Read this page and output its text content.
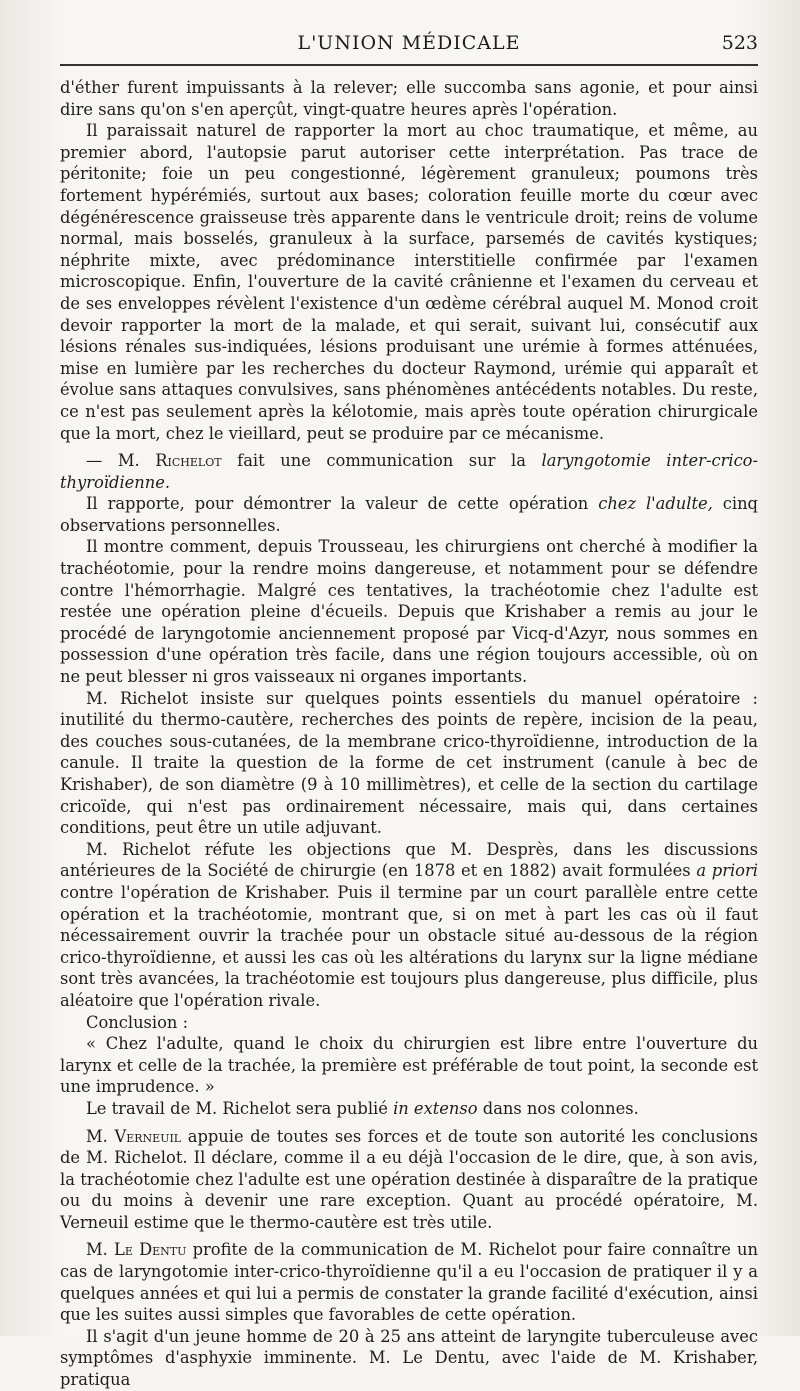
L'UNION MÉDICALE	523

d'éther furent impuissants à la relever; elle succomba sans agonie, et pour ainsi dire sans qu'on s'en aperçût, vingt-quatre heures après l'opération.

Il paraissait naturel de rapporter la mort au choc traumatique, et même, au premier abord, l'autopsie parut autoriser cette interprétation. Pas trace de péritonite; foie un peu congestionné, légèrement granuleux; poumons très fortement hypérémiés, surtout aux bases; coloration feuille morte du cœur avec dégénérescence graisseuse très apparente dans le ventricule droit; reins de volume normal, mais bosselés, granuleux à la surface, parsemés de cavités kystiques; néphrite mixte, avec prédominance interstitielle confirmée par l'examen microscopique. Enfin, l'ouverture de la cavité crânienne et l'examen du cerveau et de ses enveloppes révèlent l'existence d'un œdème cérébral auquel M. Monod croit devoir rapporter la mort de la malade, et qui serait, suivant lui, consécutif aux lésions rénales sus-indiquées, lésions produisant une urémie à formes atténuées, mise en lumière par les recherches du docteur Raymond, urémie qui apparaît et évolue sans attaques convulsives, sans phénomènes antécédents notables. Du reste, ce n'est pas seulement après la kélotomie, mais après toute opération chirurgicale que la mort, chez le vieillard, peut se produire par ce mécanisme.

— M. Richelot fait une communication sur la laryngotomie inter-crico-thyroïdienne.

Il rapporte, pour démontrer la valeur de cette opération chez l'adulte, cinq observations personnelles.

Il montre comment, depuis Trousseau, les chirurgiens ont cherché à modifier la trachéotomie, pour la rendre moins dangereuse, et notamment pour se défendre contre l'hémorrhagie. Malgré ces tentatives, la trachéotomie chez l'adulte est restée une opération pleine d'écueils. Depuis que Krishaber a remis au jour le procédé de laryngotomie anciennement proposé par Vicq-d'Azyr, nous sommes en possession d'une opération très facile, dans une région toujours accessible, où on ne peut blesser ni gros vaisseaux ni organes importants.

M. Richelot insiste sur quelques points essentiels du manuel opératoire : inutilité du thermo-cautère, recherches des points de repère, incision de la peau, des couches sous-cutanées, de la membrane crico-thyroïdienne, introduction de la canule. Il traite la question de la forme de cet instrument (canule à bec de Krishaber), de son diamètre (9 à 10 millimètres), et celle de la section du cartilage cricoïde, qui n'est pas ordinairement nécessaire, mais qui, dans certaines conditions, peut être un utile adjuvant.

M. Richelot réfute les objections que M. Desprès, dans les discussions antérieures de la Société de chirurgie (en 1878 et en 1882) avait formulées a priori contre l'opération de Krishaber. Puis il termine par un court parallèle entre cette opération et la trachéotomie, montrant que, si on met à part les cas où il faut nécessairement ouvrir la trachée pour un obstacle situé au-dessous de la région crico-thyroïdienne, et aussi les cas où les altérations du larynx sur la ligne médiane sont très avancées, la trachéotomie est toujours plus dangereuse, plus difficile, plus aléatoire que l'opération rivale.

Conclusion :

« Chez l'adulte, quand le choix du chirurgien est libre entre l'ouverture du larynx et celle de la trachée, la première est préférable de tout point, la seconde est une imprudence. »

Le travail de M. Richelot sera publié in extenso dans nos colonnes.

M. Verneuil appuie de toutes ses forces et de toute son autorité les conclusions de M. Richelot. Il déclare, comme il a eu déjà l'occasion de le dire, que, à son avis, la trachéotomie chez l'adulte est une opération destinée à disparaître de la pratique ou du moins à devenir une rare exception. Quant au procédé opératoire, M. Verneuil estime que le thermo-cautère est très utile.

M. Le Dentu profite de la communication de M. Richelot pour faire connaître un cas de laryngotomie inter-crico-thyroïdienne qu'il a eu l'occasion de pratiquer il y a quelques années et qui lui a permis de constater la grande facilité d'exécution, ainsi que les suites aussi simples que favorables de cette opération.

Il s'agit d'un jeune homme de 20 à 25 ans atteint de laryngite tuberculeuse avec symptômes d'asphyxie imminente. M. Le Dentu, avec l'aide de M. Krishaber, pratiqua
